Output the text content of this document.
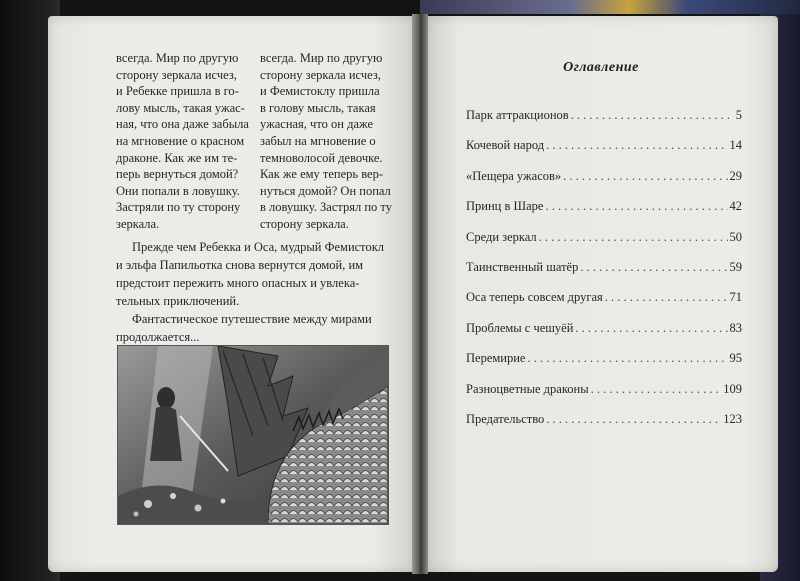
всегда. Мир по другую
сторону зеркала исчез,
и Ребекке пришла в го-
лову мысль, такая ужас-
ная, что она даже забыла
на мгновение о красном
драконе. Как же им те-
перь вернуться домой?
Они попали в ловушку.
Застряли по ту сторону
зеркала.
всегда. Мир по другую
сторону зеркала исчез,
и Фемистоклу пришла
в голову мысль, такая
ужасная, что он даже
забыл на мгновение о
темноволосой девочке.
Как же ему теперь вер-
нуться домой? Он попал
в ловушку. Застрял по ту
сторону зеркала.
Прежде чем Ребекка и Оса, мудрый Фемистокл
и эльфа Папильотка снова вернутся домой, им
предстоит пережить много опасных и увлека-
тельных приключений.
Фантастическое путешествие между мирами
продолжается...
Оглавление
Парк аттракционов . . .	5
Кочевой народ . . .	14
«Пещера ужасов» . . .	29
Принц в Шаре . . .	42
Среди зеркал . . .	50
Таинственный шатёр . . .	59
Оса теперь совсем другая . . .	71
Проблемы с чешуёй . . .	83
Перемирие . . .	95
Разноцветные драконы . . .	109
Предательство . . .	123
